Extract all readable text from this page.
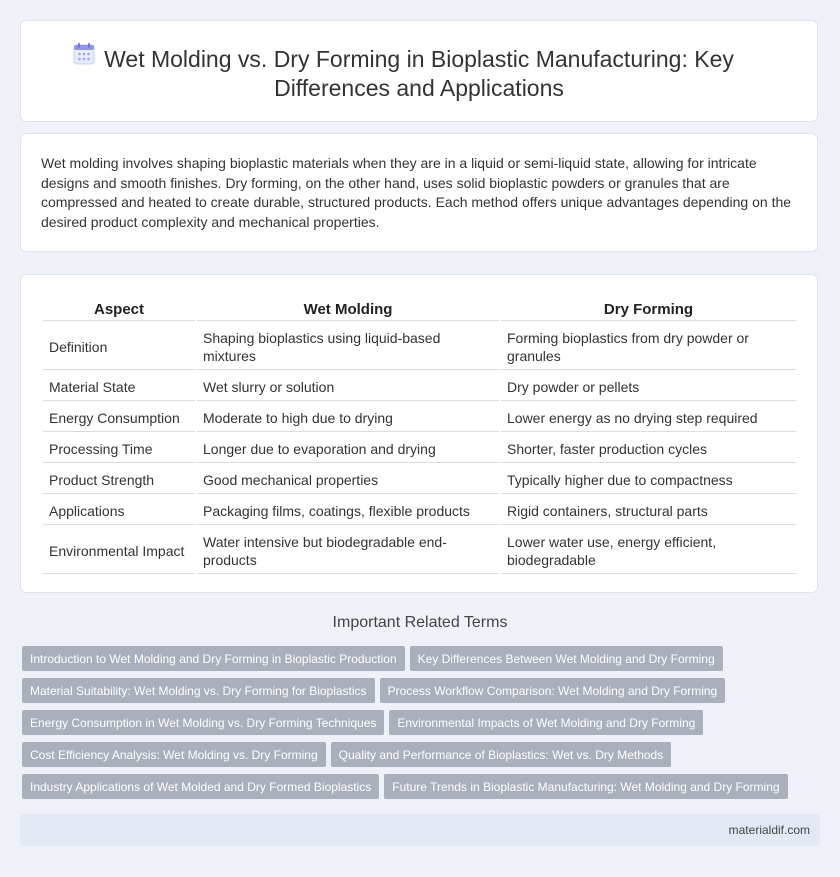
Wet Molding vs. Dry Forming in Bioplastic Manufacturing: Key Differences and Applications

Wet molding involves shaping bioplastic materials when they are in a liquid or semi-liquid state, allowing for intricate designs and smooth finishes. Dry forming, on the other hand, uses solid bioplastic powders or granules that are compressed and heated to create durable, structured products. Each method offers unique advantages depending on the desired product complexity and mechanical properties.

Aspect	Wet Molding	Dry Forming
Definition	Shaping bioplastics using liquid-based mixtures	Forming bioplastics from dry powder or granules
Material State	Wet slurry or solution	Dry powder or pellets
Energy Consumption	Moderate to high due to drying	Lower energy as no drying step required
Processing Time	Longer due to evaporation and drying	Shorter, faster production cycles
Product Strength	Good mechanical properties	Typically higher due to compactness
Applications	Packaging films, coatings, flexible products	Rigid containers, structural parts
Environmental Impact	Water intensive but biodegradable end-products	Lower water use, energy efficient, biodegradable
Important Related Terms
Introduction to Wet Molding and Dry Forming in Bioplastic Production Key Differences Between Wet Molding and Dry Forming
Material Suitability: Wet Molding vs. Dry Forming for Bioplastics Process Workflow Comparison: Wet Molding and Dry Forming
Energy Consumption in Wet Molding vs. Dry Forming Techniques Environmental Impacts of Wet Molding and Dry Forming
Cost Efficiency Analysis: Wet Molding vs. Dry Forming Quality and Performance of Bioplastics: Wet vs. Dry Methods
Industry Applications of Wet Molded and Dry Formed Bioplastics Future Trends in Bioplastic Manufacturing: Wet Molding and Dry Forming
materialdif.com
